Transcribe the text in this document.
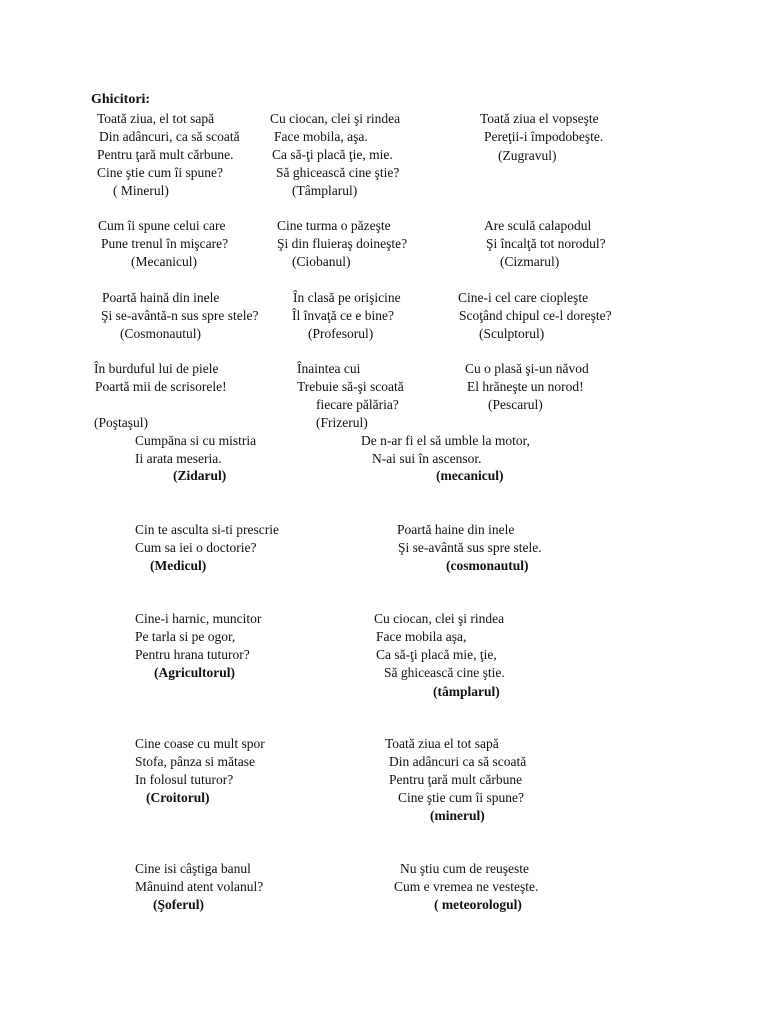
Ghicitori:
Toată ziua, el tot sapă
Din adâncuri, ca să scoată
Pentru ţară mult cărbune.
Cine ştie cum îi spune?
( Minerul)
Cu ciocan, clei şi rindea
Face mobila, aşa.
Ca să-ţi placă ţie, mie.
Să ghicească cine ştie?
(Tâmplarul)
Toată ziua el vopseşte
Pereţii-i împodobeşte.
(Zugravul)
Cum îi spune celui care
Pune trenul în mişcare?
(Mecanicul)
Cine turma o păzeşte
Şi din fluieraş doineşte?
(Ciobanul)
Are sculă calapodul
Şi încalţă tot norodul?
(Cizmarul)
Poartă haină din inele
Şi se-avântă-n sus spre stele?
(Cosmonautul)
În clasă pe orişicine
Îl învaţă ce e bine?
(Profesorul)
Cine-i cel care ciopleşte
Scoţând chipul ce-l doreşte?
(Sculptorul)
În burduful lui de piele
Poartă mii de scrisorele!
(Poştaşul)
Înaintea cui
Trebuie să-şi scoată
fiecare pălăria?
(Frizerul)
Cu o plasă şi-un năvod
El hrăneşte un norod!
(Pescarul)
Cumpăna si cu mistria
Ii arata meseria.
(Zidarul)
De n-ar fi el să umble la motor,
N-ai sui în ascensor.
(mecanicul)
Cin te asculta si-ti prescrie
Cum sa iei o doctorie?
(Medicul)
Poartă haine din inele
Şi se-avântă sus spre stele.
(cosmonautul)
Cine-i harnic, muncitor
Pe tarla si pe ogor,
Pentru hrana tuturor?
(Agricultorul)
Cu ciocan, clei şi rindea
Face mobila aşa,
Ca să-ţi placă mie, ţie,
Să ghicească cine ştie.
(tâmplarul)
Cine coase cu mult spor
Stofa, pânza si mătase
In folosul tuturor?
(Croitorul)
Toată ziua el tot sapă
Din adâncuri ca să scoată
Pentru ţară mult cărbune
Cine ştie cum îi spune?
(minerul)
Cine isi câştiga banul
Mânuind atent volanul?
(Şoferul)
Nu ştiu cum de reuşeste
Cum e vremea ne vesteşte.
( meteorologul)
